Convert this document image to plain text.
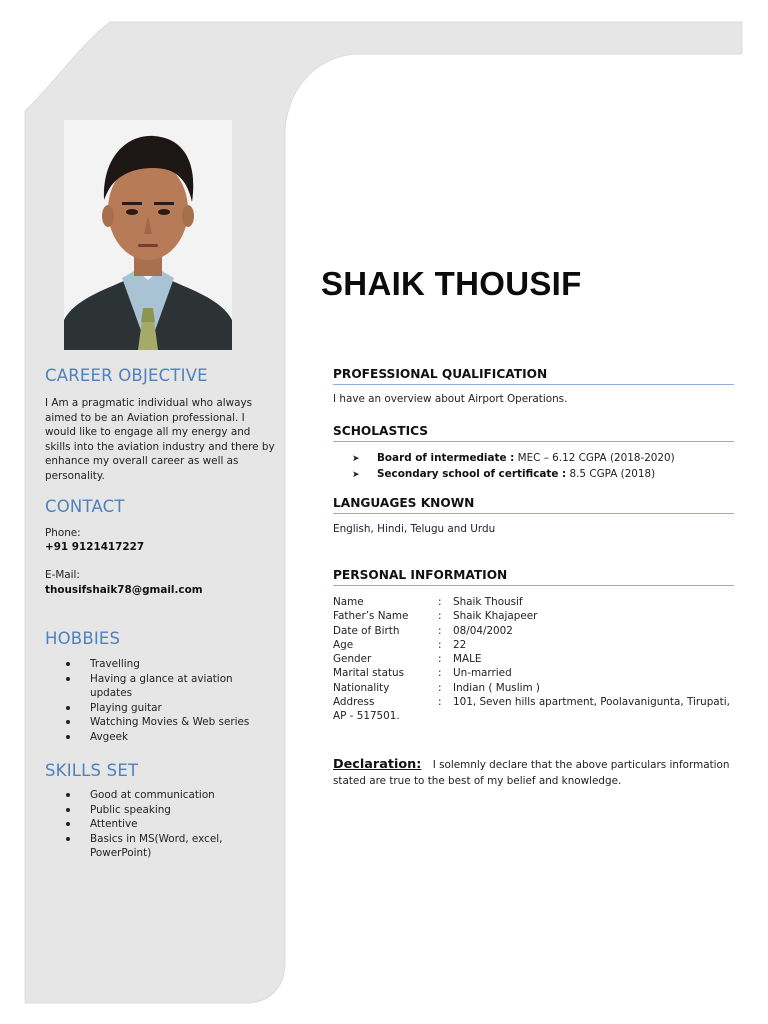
CAREER OBJECTIVE

I Am a pragmatic individual who always aimed to be an Aviation professional. I would like to engage all my energy and skills into the aviation industry and there by enhance my overall career as well as personality.

CONTACT
Phone:
+91 9121417227
E-Mail:
thousifshaik78@gmail.com
HOBBIES
Travelling
Having a glance at aviation updates
Playing guitar
Watching Movies & Web series
Avgeek
SKILLS SET
Good at communication
Public speaking
Attentive
Basics in MS(Word, excel, PowerPoint)
SHAIK THOUSIF
PROFESSIONAL QUALIFICATION

I have an overview about Airport Operations.

SCHOLASTICS
➤ Board of intermediate : MEC – 6.12 CGPA (2018-2020)
➤ Secondary school of certificate : 8.5 CGPA (2018)
LANGUAGES KNOWN

English, Hindi, Telugu and Urdu

PERSONAL INFORMATION
Name	:	Shaik Thousif
Father’s Name	:	Shaik Khajapeer
Date of Birth	:	08/04/2002
Age	:	22
Gender	:	MALE
Marital status	:	Un-married
Nationality	:	Indian ( Muslim )
Address	:	101, Seven hills apartment, Poolavanigunta, Tirupati,
AP - 517501.
Declaration: I solemnly declare that the above particulars information stated are true to the best of my belief and knowledge.
